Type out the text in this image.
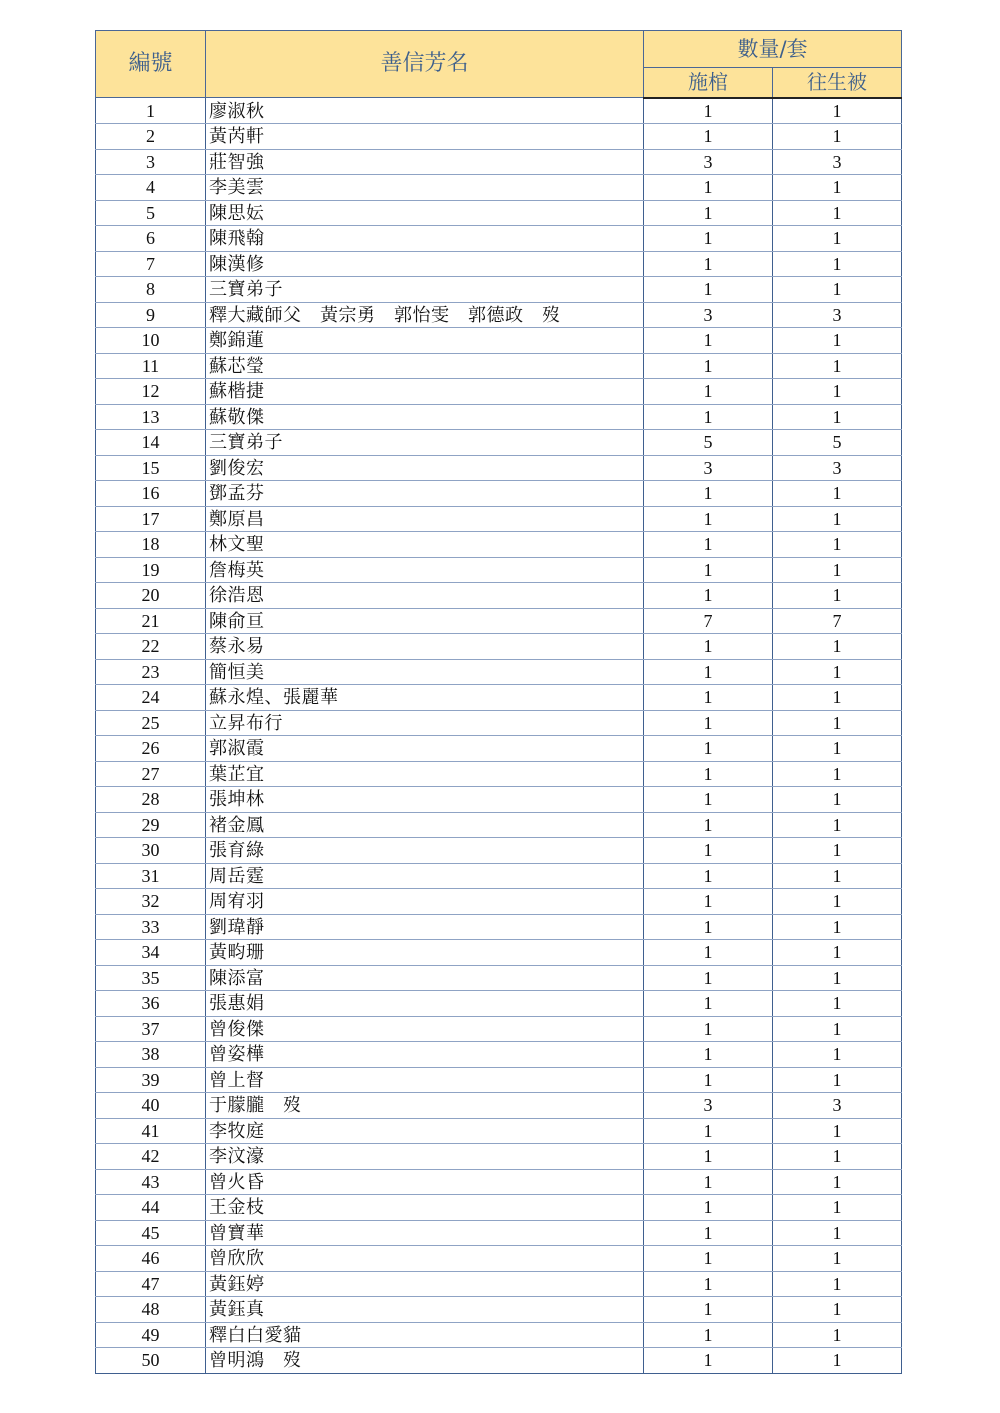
編號	善信芳名	數量/套	
		施棺	往生被
1	廖淑秋	1	1
2	黃芮軒	1	1
3	莊智強	3	3
4	李美雲	1	1
5	陳思妘	1	1
6	陳飛翰	1	1
7	陳漢修	1	1
8	三寶弟子	1	1
9	釋大藏師父　黃宗勇　郭怡雯　郭德政　歿	3	3
10	鄭錦蓮	1	1
11	蘇芯瑩	1	1
12	蘇楷捷	1	1
13	蘇敬傑	1	1
14	三寶弟子	5	5
15	劉俊宏	3	3
16	鄧孟芬	1	1
17	鄭原昌	1	1
18	林文聖	1	1
19	詹梅英	1	1
20	徐浩恩	1	1
21	陳俞亘	7	7
22	蔡永易	1	1
23	簡恒美	1	1
24	蘇永煌、張麗華	1	1
25	立昇布行	1	1
26	郭淑霞	1	1
27	葉芷宜	1	1
28	張坤林	1	1
29	褚金鳳	1	1
30	張育綠	1	1
31	周岳霆	1	1
32	周宥羽	1	1
33	劉瑋靜	1	1
34	黃畇珊	1	1
35	陳添富	1	1
36	張惠娟	1	1
37	曾俊傑	1	1
38	曾姿樺	1	1
39	曾上督	1	1
40	于朦朧　歿	3	3
41	李牧庭	1	1
42	李汶濠	1	1
43	曾火昏	1	1
44	王金枝	1	1
45	曾寶華	1	1
46	曾欣欣	1	1
47	黃鈺婷	1	1
48	黃鈺真	1	1
49	釋白白愛貓	1	1
50	曾明鴻　歿	1	1
